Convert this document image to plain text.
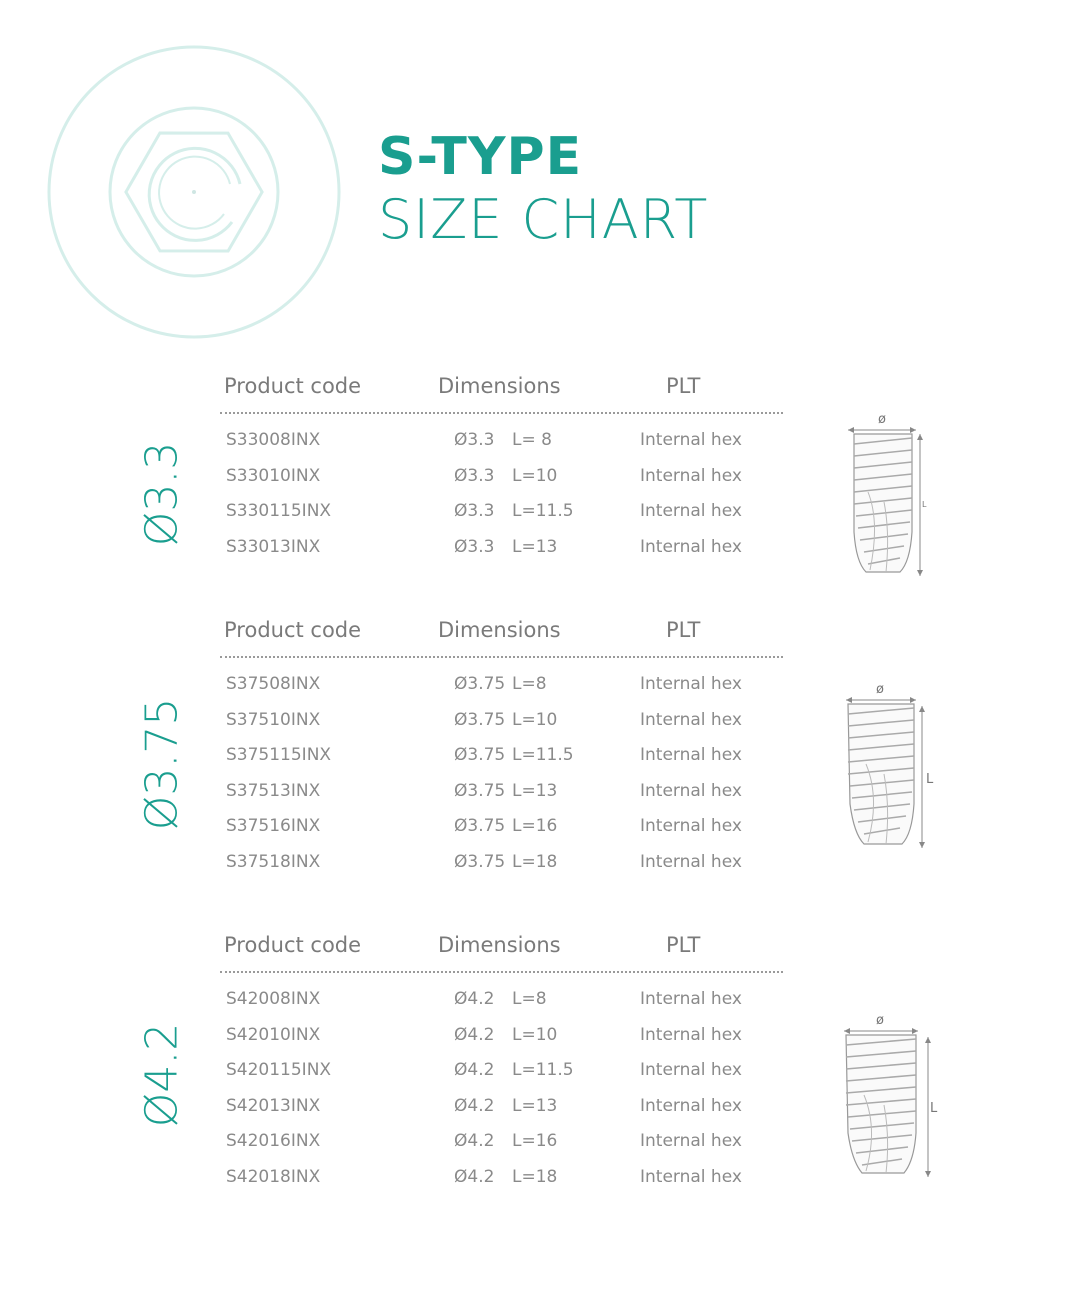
S-TYPE
SIZE CHART
Ø3.3
Product code	Dimensions	PLT
S33008INX	Ø3.3 L= 8	Internal hex
S33010INX	Ø3.3 L=10	Internal hex
S330115INX	Ø3.3 L=11.5	Internal hex
S33013INX	Ø3.3 L=13	Internal hex
ø
L
Ø3.75
Product code	Dimensions	PLT
S37508INX	Ø3.75 L=8	Internal hex
S37510INX	Ø3.75 L=10	Internal hex
S375115INX	Ø3.75 L=11.5	Internal hex
S37513INX	Ø3.75 L=13	Internal hex
S37516INX	Ø3.75 L=16	Internal hex
S37518INX	Ø3.75 L=18	Internal hex
ø
L
Ø4.2
Product code	Dimensions	PLT
S42008INX	Ø4.2 L=8	Internal hex
S42010INX	Ø4.2 L=10	Internal hex
S420115INX	Ø4.2 L=11.5	Internal hex
S42013INX	Ø4.2 L=13	Internal hex
S42016INX	Ø4.2 L=16	Internal hex
S42018INX	Ø4.2 L=18	Internal hex
ø
L
